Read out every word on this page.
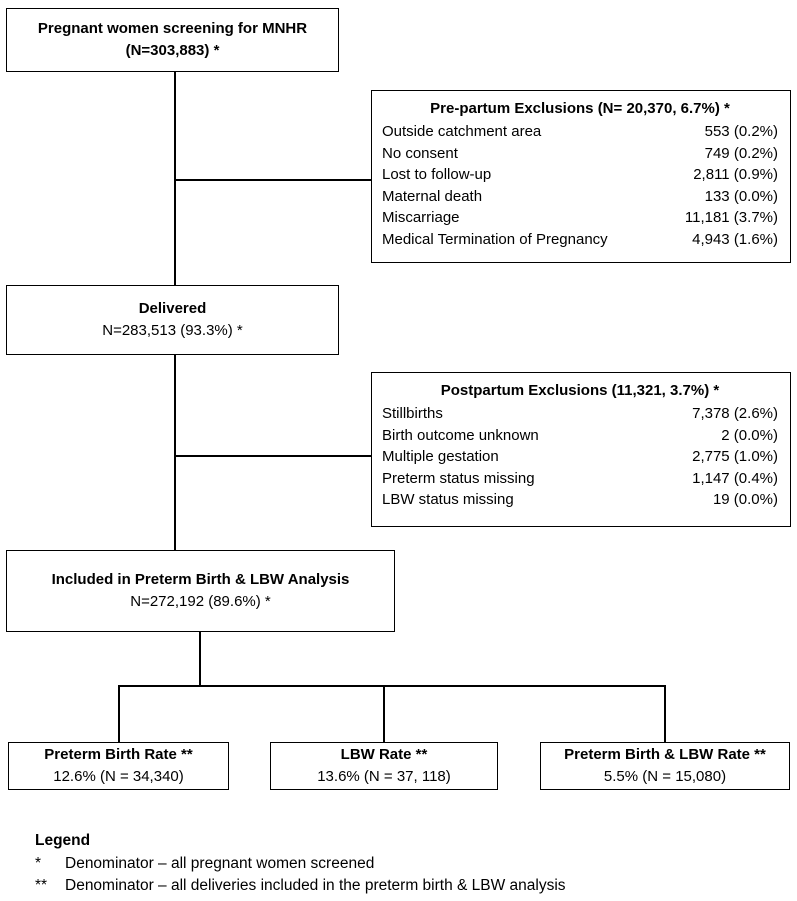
Pregnant women screening for MNHR
(N=303,883) *
Pre-partum Exclusions (N= 20,370, 6.7%) *
Outside catchment area	553 (0.2%)
No consent	749 (0.2%)
Lost to follow-up	2,811 (0.9%)
Maternal death	133 (0.0%)
Miscarriage	11,181 (3.7%)
Medical Termination of Pregnancy	4,943 (1.6%)
Delivered
N=283,513 (93.3%) *
Postpartum Exclusions (11,321, 3.7%) *
Stillbirths	7,378 (2.6%)
Birth outcome unknown	2 (0.0%)
Multiple gestation	2,775 (1.0%)
Preterm status missing	1,147 (0.4%)
LBW status missing	19 (0.0%)
Included in Preterm Birth & LBW Analysis
N=272,192 (89.6%) *
Preterm Birth Rate **
12.6% (N = 34,340)
LBW Rate **
13.6% (N = 37, 118)
Preterm Birth & LBW Rate **
5.5% (N = 15,080)
Legend
*	Denominator – all pregnant women screened
**	Denominator – all deliveries included in the preterm birth & LBW analysis
